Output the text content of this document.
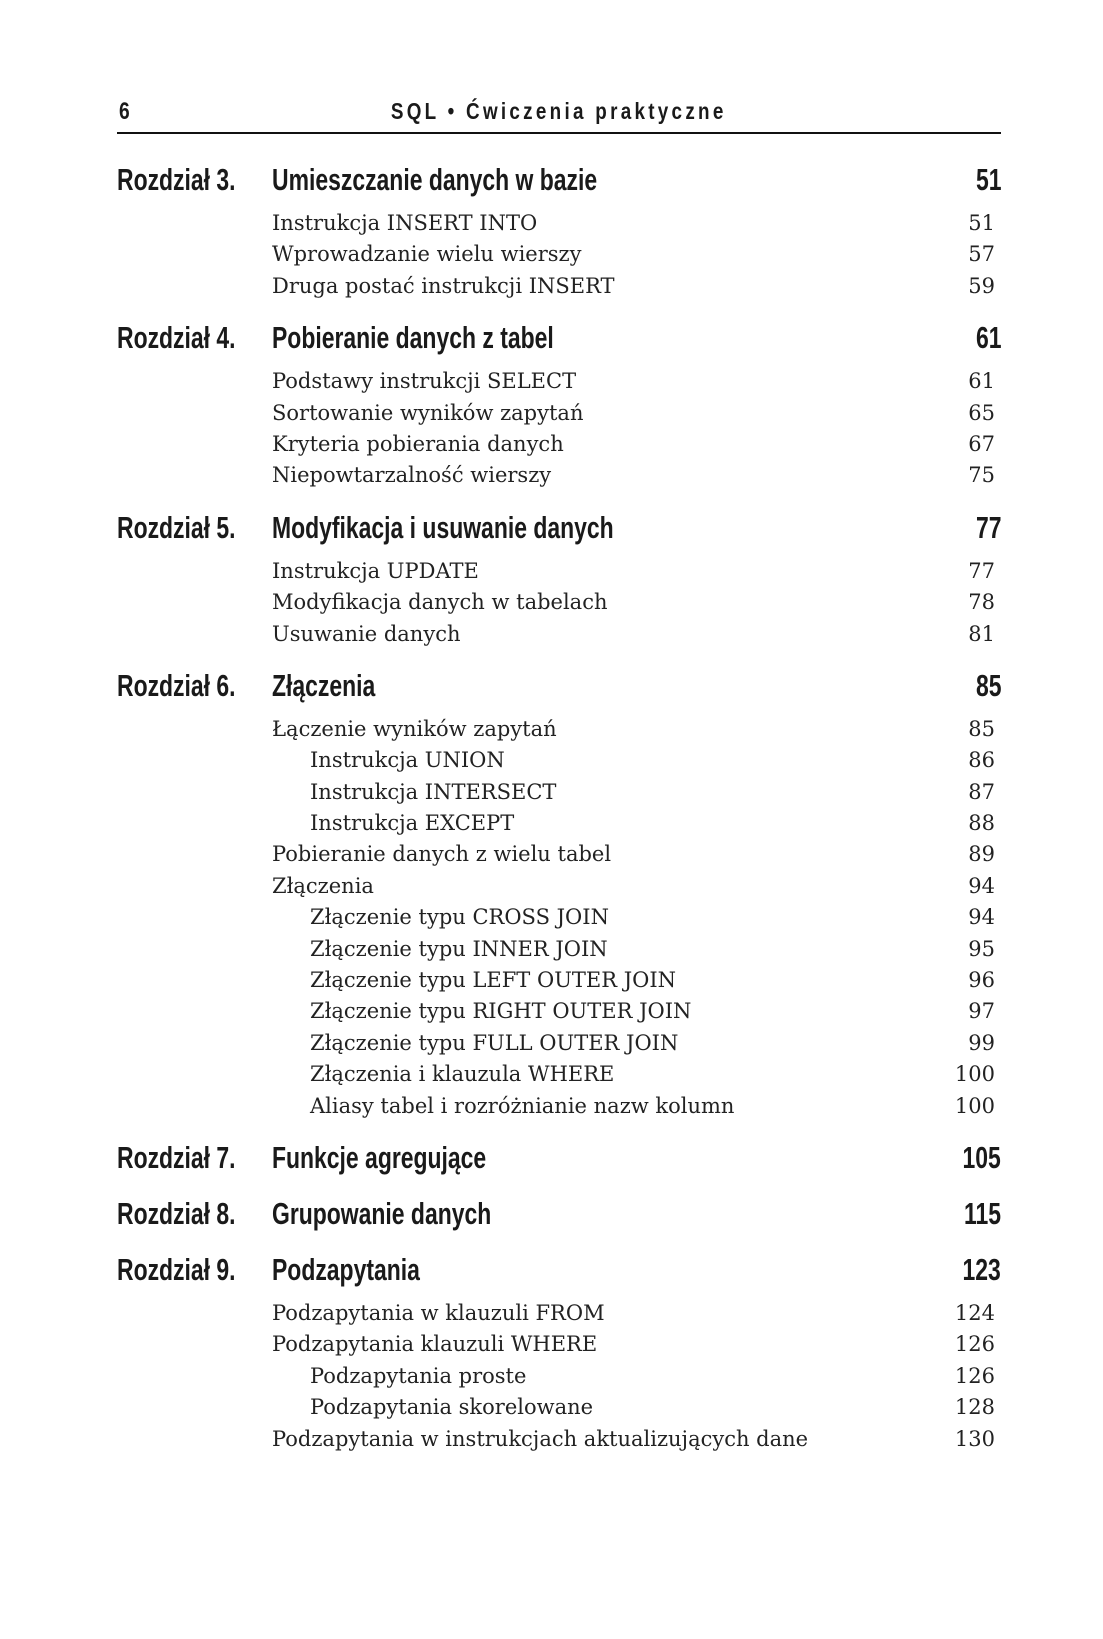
6	SQL • Ćwiczenia praktyczne
Rozdział 3.	Umieszczanie danych w bazie	51
Instrukcja INSERT INTO	51
Wprowadzanie wielu wierszy	57
Druga postać instrukcji INSERT	59
Rozdział 4.	Pobieranie danych z tabel	61
Podstawy instrukcji SELECT	61
Sortowanie wyników zapytań	65
Kryteria pobierania danych	67
Niepowtarzalność wierszy	75
Rozdział 5.	Modyfikacja i usuwanie danych	77
Instrukcja UPDATE	77
Modyfikacja danych w tabelach	78
Usuwanie danych	81
Rozdział 6.	Złączenia	85
Łączenie wyników zapytań	85
Instrukcja UNION	86
Instrukcja INTERSECT	87
Instrukcja EXCEPT	88
Pobieranie danych z wielu tabel	89
Złączenia	94
Złączenie typu CROSS JOIN	94
Złączenie typu INNER JOIN	95
Złączenie typu LEFT OUTER JOIN	96
Złączenie typu RIGHT OUTER JOIN	97
Złączenie typu FULL OUTER JOIN	99
Złączenia i klauzula WHERE	100
Aliasy tabel i rozróżnianie nazw kolumn	100
Rozdział 7.	Funkcje agregujące	105
Rozdział 8.	Grupowanie danych	115
Rozdział 9.	Podzapytania	123
Podzapytania w klauzuli FROM	124
Podzapytania klauzuli WHERE	126
Podzapytania proste	126
Podzapytania skorelowane	128
Podzapytania w instrukcjach aktualizujących dane	130
